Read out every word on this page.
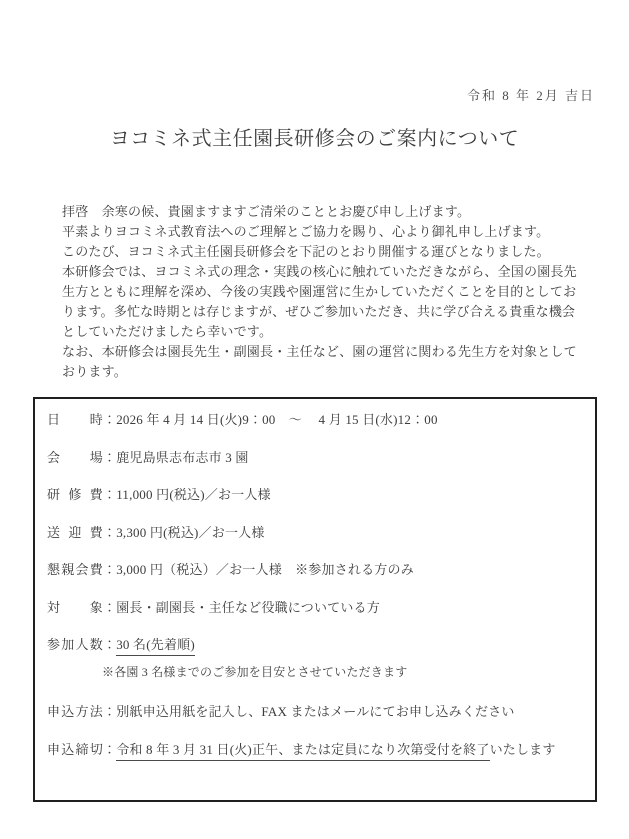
令和 8 年 2月 吉日
ヨコミネ式主任園長研修会のご案内について
拝啓　余寒の候、貴園ますますご清栄のこととお慶び申し上げます。
平素よりヨコミネ式教育法へのご理解とご協力を賜り、心より御礼申し上げます。
このたび、ヨコミネ式主任園長研修会を下記のとおり開催する運びとなりました。
本研修会では、ヨコミネ式の理念・実践の核心に触れていただきながら、全国の園長先
生方とともに理解を深め、今後の実践や園運営に生かしていただくことを目的としてお
ります。多忙な時期とは存じますが、ぜひご参加いただき、共に学び合える貴重な機会
としていただけましたら幸いです。
なお、本研修会は園長先生・副園長・主任など、園の運営に関わる先生方を対象として
おります。
日時：2026 年 4 月 14 日(火)9：00　～　 4 月 15 日(水)12：00
会場：鹿児島県志布志市 3 園
研修費：11,000 円(税込)／お一人様
送迎費：3,300 円(税込)／お一人様
懇親会費：3,000 円（税込）／お一人様　※参加される方のみ
対象：園長・副園長・主任など役職についている方
参加人数：30 名(先着順)
※各園 3 名様までのご参加を目安とさせていただきます
申込方法：別紙申込用紙を記入し、FAX またはメールにてお申し込みください
申込締切：令和 8 年 3 月 31 日(火)正午、または定員になり次第受付を終了いたします
